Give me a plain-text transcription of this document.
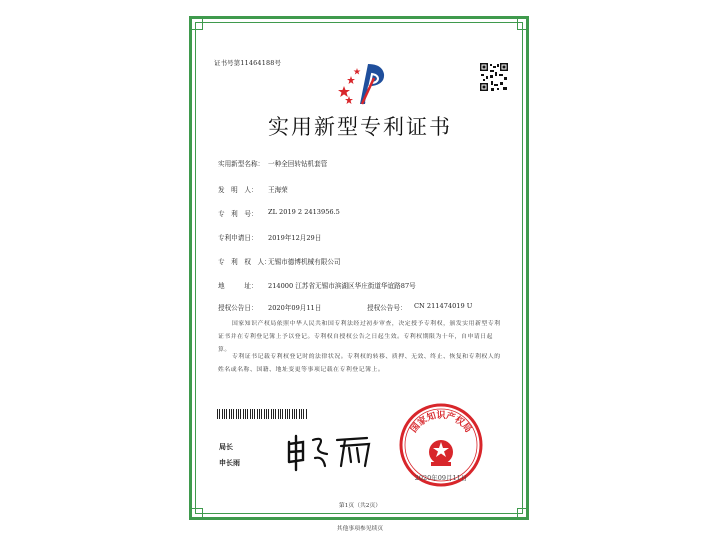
证书号第11464188号
实用新型专利证书
实用新型名称： 一种全回转钻机套管
发　明　人： 王海荣
专　利　号： ZL 2019 2 2413956.5
专利申请日： 2019年12月29日
专　利　权　人：
无锡市德博机械有限公司
地　　　址： 214000 江苏省无锡市滨湖区华庄街道华谊路87号
授权公告日： 2020年09月11日	授权公告号： CN 211474019 U
国家知识产权局依照中华人民共和国专利法经过初步审查，决定授予专利权，颁发实用新型专利证书并在专利登记簿上予以登记。专利权自授权公告之日起生效。专利权期限为十年，自申请日起算。
专利证书记载专利权登记时的法律状况。专利权的转移、质押、无效、终止、恢复和专利权人的姓名或名称、国籍、地址变更等事项记载在专利登记簿上。
局长
申长雨
国家知识产权局
2020年09月11日
第1页（共2页）
其他事项参见续页
